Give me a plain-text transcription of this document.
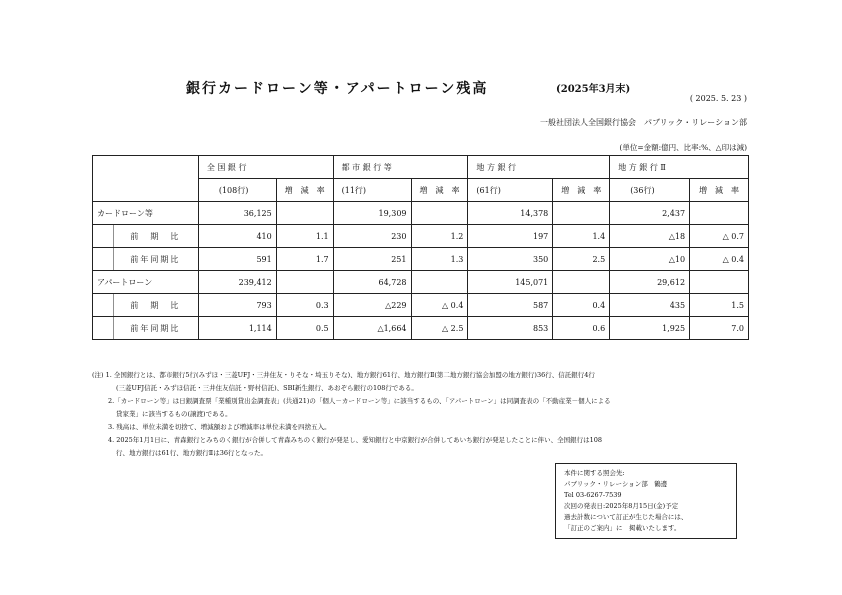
銀行カードローン等・アパートローン残高	(2025年3月末)
( 2025. 5. 23 )
一般社団法人全国銀行協会　パブリック・リレーション部
(単位=金額:億円、比率:%、△印は減)
	全 国 銀 行		都 市 銀 行 等		地 方 銀 行		地 方 銀 行 Ⅱ	
	(108行)	増　減　率	(11行)	増　減　率	(61行)	増　減　率	(36行)	増　減　率
カードローン等	36,125		19,309		14,378		2,437	
前　期　比	410	1.1	230	1.2	197	1.4	△18	△ 0.7
前年同期比	591	1.7	251	1.3	350	2.5	△10	△ 0.4
アパートローン	239,412		64,728		145,071		29,612	
前　期　比	793	0.3	△229	△ 0.4	587	0.4	435	1.5
前年同期比	1,114	0.5	△1,664	△ 2.5	853	0.6	1,925	7.0

(注) 1. 全国銀行とは、都市銀行5行(みずほ・三菱UFJ・三井住友・りそな・埼玉りそな)、地方銀行61行、地方銀行Ⅱ(第二地方銀行協会加盟の地方銀行)36行、信託銀行4行

(三菱UFJ信託・みずほ信託・三井住友信託・野村信託)、SBI新生銀行、あおぞら銀行の108行である。

2.「カードローン等」は日銀調査票「業種別貸出金調査表」(共通21)の「個人－カードローン等」に該当するもの、「アパートローン」は同調査表の「不動産業－個人による

貸家業」に該当するもの(譲渡)である。

3. 残高は、単位未満を切捨て、増減額および増減率は単位未満を四捨五入。

4. 2025年1月1日に、青森銀行とみちのく銀行が合併して青森みちのく銀行が発足し、愛知銀行と中京銀行が合併してあいち銀行が発足したことに伴い、全国銀行は108

行、地方銀行は61行、地方銀行Ⅱは36行となった。

本件に関する照会先:

パブリック・リレーション部　鶴邊

Tel 03-6267-7539

次回の発表日:2025年8月15日(金)予定

過去計数について訂正が生じた場合には、

「訂正のご案内」に　掲載いたします。
